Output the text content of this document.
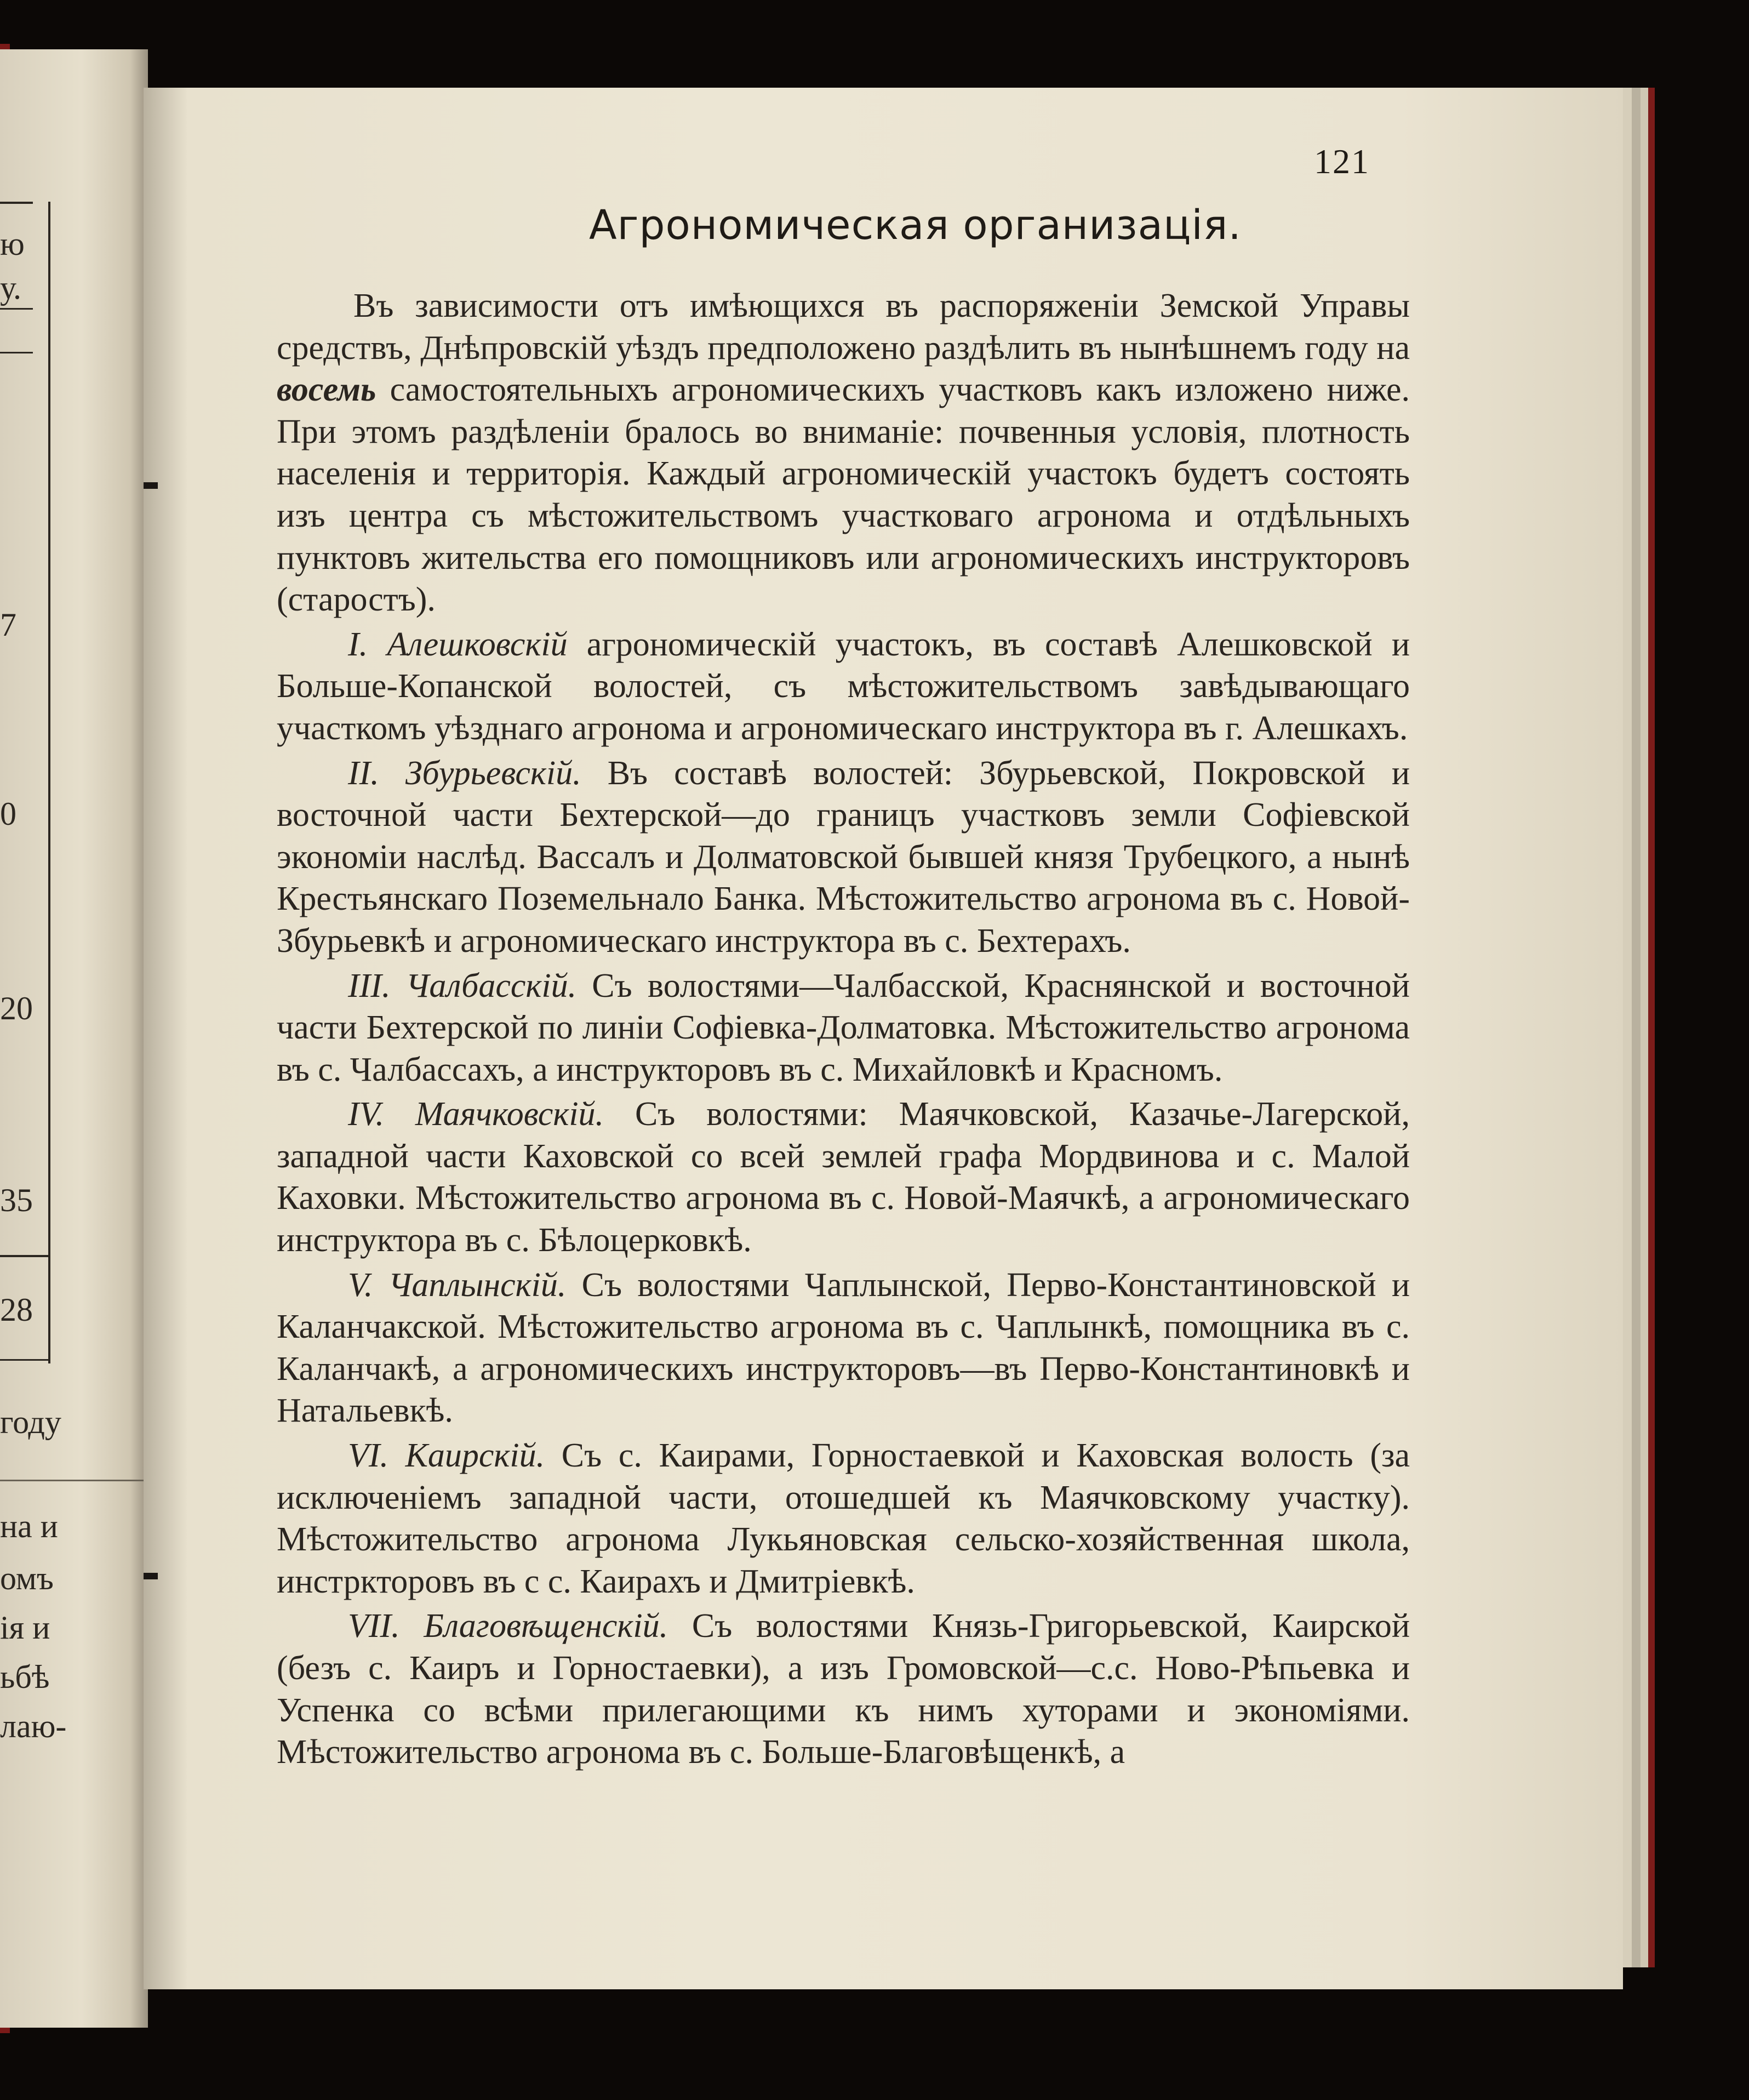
ю
у.
7
0
20
35
28
году
на и
омъ
ія и
ьбѣ
лаю-
121
Агрономическая организація.

Въ зависимости отъ имѣющихся въ распоряженіи Земской Управы средствъ, Днѣпровскій уѣздъ предположено раздѣлить въ нынѣшнемъ году на восемь самостоятельныхъ агрономическихъ участковъ какъ изложено ниже. При этомъ раздѣленіи бралось во вниманіе: почвенныя условія, плотность населенія и территорія. Каждый агрономическій участокъ будетъ состоять изъ центра съ мѣстожительствомъ участковаго агронома и отдѣльныхъ пунктовъ жительства его помощниковъ или агрономическихъ инструкторовъ (старостъ).

I. Алешковскій агрономическій участокъ, въ составѣ Алешковской и Больше-Копанской волостей, съ мѣстожительствомъ завѣдывающаго участкомъ уѣзднаго агронома и агрономическаго инструктора въ г. Алешкахъ.

II. Збурьевскій. Въ составѣ волостей: Збурьевской, Покровской и восточной части Бехтерской—до границъ участковъ земли Софіевской экономіи наслѣд. Вассалъ и Долматовской бывшей князя Трубецкого, а нынѣ Крестьянскаго Поземельнало Банка. Мѣстожительство агронома въ с. Новой-Збурьевкѣ и агрономическаго инструктора въ с. Бехтерахъ.

III. Чалбасскій. Съ волостями—Чалбасской, Краснянской и восточной части Бехтерской по линіи Софіевка-Долматовка. Мѣстожительство агронома въ с. Чалбассахъ, а инструкторовъ въ с. Михайловкѣ и Красномъ.

IV. Маячковскій. Съ волостями: Маячковской, Казачье-Лагерской, западной части Каховской со всей землей графа Мордвинова и с. Малой Каховки. Мѣстожительство агронома въ с. Новой-Маячкѣ, а агрономическаго инструктора въ с. Бѣлоцерковкѣ.

V. Чаплынскій. Съ волостями Чаплынской, Перво-Константиновской и Каланчакской. Мѣстожительство агронома въ с. Чаплынкѣ, помощника въ с. Каланчакѣ, а агрономическихъ инструкторовъ—въ Перво-Константиновкѣ и Натальевкѣ.

VI. Каирскій. Съ с. Каирами, Горностаевкой и Каховская волость (за исключеніемъ западной части, отошедшей къ Маячковскому участку). Мѣстожительство агронома Лукьяновская сельско-хозяйственная школа, инстркторовъ въ с с. Каирахъ и Дмитріевкѣ.

VII. Благовѣщенскій. Съ волостями Князь-Григорьевской, Каирской (безъ с. Каиръ и Горностаевки), а изъ Громовской—с.с. Ново-Рѣпьевка и Успенка со всѣми прилегающими къ нимъ хуторами и экономіями. Мѣстожительство агронома въ с. Больше-Благовѣщенкѣ, а
